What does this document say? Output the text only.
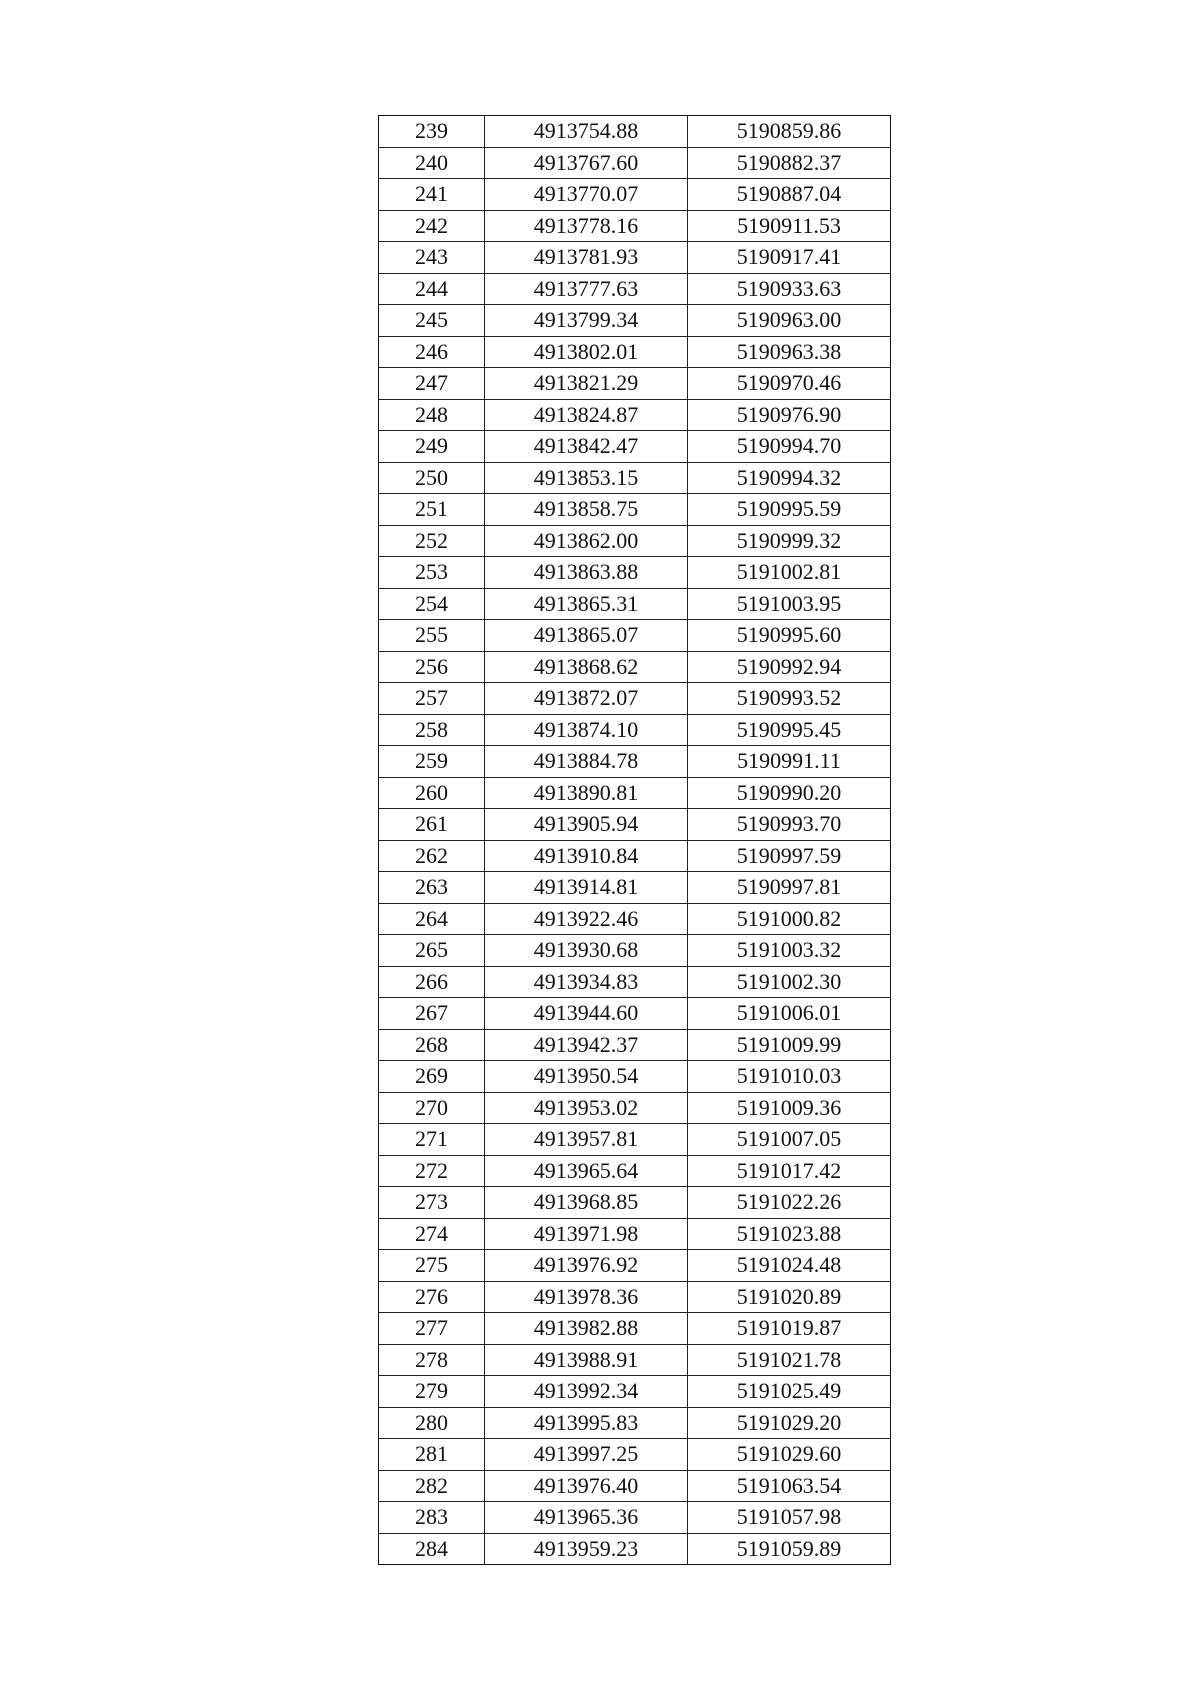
239	4913754.88	5190859.86
240	4913767.60	5190882.37
241	4913770.07	5190887.04
242	4913778.16	5190911.53
243	4913781.93	5190917.41
244	4913777.63	5190933.63
245	4913799.34	5190963.00
246	4913802.01	5190963.38
247	4913821.29	5190970.46
248	4913824.87	5190976.90
249	4913842.47	5190994.70
250	4913853.15	5190994.32
251	4913858.75	5190995.59
252	4913862.00	5190999.32
253	4913863.88	5191002.81
254	4913865.31	5191003.95
255	4913865.07	5190995.60
256	4913868.62	5190992.94
257	4913872.07	5190993.52
258	4913874.10	5190995.45
259	4913884.78	5190991.11
260	4913890.81	5190990.20
261	4913905.94	5190993.70
262	4913910.84	5190997.59
263	4913914.81	5190997.81
264	4913922.46	5191000.82
265	4913930.68	5191003.32
266	4913934.83	5191002.30
267	4913944.60	5191006.01
268	4913942.37	5191009.99
269	4913950.54	5191010.03
270	4913953.02	5191009.36
271	4913957.81	5191007.05
272	4913965.64	5191017.42
273	4913968.85	5191022.26
274	4913971.98	5191023.88
275	4913976.92	5191024.48
276	4913978.36	5191020.89
277	4913982.88	5191019.87
278	4913988.91	5191021.78
279	4913992.34	5191025.49
280	4913995.83	5191029.20
281	4913997.25	5191029.60
282	4913976.40	5191063.54
283	4913965.36	5191057.98
284	4913959.23	5191059.89
